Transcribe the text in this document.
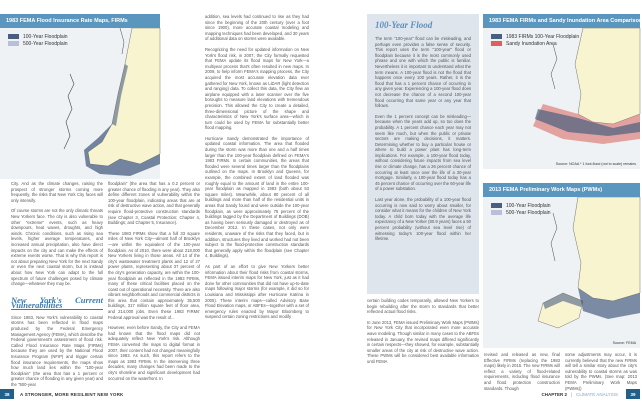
1983 FEMA Flood Insurance Rate Maps, FIRMs
100-Year Floodplain
500-Year Floodplain

City. And as the climate changes, raising the prospect of stronger storms coming more frequently, the risks that New York City faces will only intensify.

Of course storms are not the only climatic threats New Yorkers face. The city is also vulnerable to other "extreme" events, such as heavy downpours, heat waves, droughts, and high winds. Chronic conditions, such as rising sea levels, higher average temperatures, and increased annual precipitation, also have direct impacts on the city and can make the effects of extreme events worse. That is why this report is not about preparing New York for the next Sandy or even the next coastal storm, but is instead about how New York can adapt to the full spectrum of future challenges posed by climate change—whatever they may be.

New York's Current Vulnerabilities

Since 1983, New York's vulnerability to coastal storms has been reflected in flood maps produced by the Federal Emergency Management Agency (FEMA), which describe the Federal government's assessment of flood risk. Called Flood Insurance Rate Maps (FIRMs) because they are used by the National Flood Insurance Program (NFIP) and trigger certain flood insurance requirements, the maps show how much land lies within the "100-year floodplain" (the area that has a 1 percent or greater chance of flooding in any given year) and the "500-year

floodplain" (the area that has a 0.2 percent or greater chance of flooding in any year). They also define different zones of vulnerability within the 100-year floodplain, indicating areas that are at risk of destructive wave action, and that generally require flood-protective construction standards (see Chapter 3, Coastal Protection; Chapter 4, Buildings; and Chapter 5, Insurance).

These 1983 FIRMs show that a full 33 square miles of New York City—almost half of Brooklyn—are within the equivalent of the 100-year floodplain. As of 2010, there were about 218,000 New Yorkers living in those areas. All 14 of the city's wastewater treatment plants and 12 of 27 power plants, representing about 37 percent of the city's generation capacity, are within the 100-year floodplain as reflected in the 1983 FIRMs, many of these critical facilities placed on the coast out of operational necessity. There are also vibrant neighborhoods and commercial districts in this area that contain approximately 35,500 buildings, 317 million square feet of floor area, and 214,000 jobs. Even these 1983 FIRMs' Federal approval was the result of...

However, even before Sandy, the City and FEMA had known that the flood maps did not adequately reflect New York's risk. Although FEMA converted the maps to digital format in 2007, their content had not changed meaningfully since 1983. As such, this report refers to the maps as 1983 FIRMs. In the intervening three decades, many changes had been made to the city's shoreline and significant development had occurred on the waterfront. In

addition, sea levels had continued to rise as they had since the beginning of the 20th century (over a foot since 1900), more accurate coastal modeling and mapping techniques had been developed, and 30 years of additional data on storms were available.

Recognizing the need for updated information on New York's flood risk, in 2007, the City formally requested that FEMA update its flood maps for New York—a multiyear process that's often resulted in new maps. In 2009, to help inform FEMA's mapping process, the City acquired the most accurate elevation data ever gathered for New York, known as LiDAR (light detection and ranging) data. To collect this data, the City flew an airplane equipped with a laser scanner over the five boroughs to measure land elevations with tremendous precision. This allowed the City to create a detailed, three-dimensional picture of the shape and characteristics of New York's surface area—which in turn could be used by FEMA for substantially better flood mapping.

Hurricane Sandy demonstrated the importance of updated coastal information. The area that flooded during the storm was more than one and a half times larger than the 100-year floodplain defined on FEMA's 1983 FIRMs. In certain communities, the areas that flooded were several times larger than the floodplains outlined on the maps. In Brooklyn and Queens, for example, the combined extent of land flooded was roughly equal to the amount of land in the entire 100-year floodplain as mapped in 1983 (both about 53 square miles). Meanwhile, about 80 percent of all buildings and more than half of the residential units in areas that Sandy found and were outside the 100-year floodplain, as were approximately 75 percent of the buildings tagged by the Department of Buildings (DOB) as having been seriously damaged or destroyed as of December 2012. In these cases, not only were residents, unaware of the risks that they faced, but in addition, structures they lived and worked had not been subject to the flood-protective construction standards that generally apply within the floodplain (see Chapter 4, Buildings).

As part of an effort to give New Yorkers better information about their flood risks from coastal storms, FEMA issued interim maps for New York, just as it had done for other communities that did not have up-to-date maps following major storms (for example, it did so for Louisiana and Mississippi after Hurricane Katrina in 2005). These interim maps—called Advisory Base Flood Elevation maps, or ABFEs—together with a set of emergency rules enacted by Mayor Bloomberg to suspend certain zoning restrictions and modify

38	A STRONGER, MORE RESILIENT NEW YORK
100-Year Flood

The term "100-year" flood can be misleading, and perhaps even provides a false sense of security. This report uses the term "100-year" flood or floodplain because it is the most commonly used phrase and one with which the public is familiar. Nevertheless it is important to understand what the term means. A 100-year flood is not the flood that happens once every 100 years. Rather, it is the flood that has a 1 percent chance of occurring in any given year. Experiencing a 100-year flood does not decrease the chance of a second 100-year flood occurring that same year or any year that follows.

Even the 1 percent concept can be misleading—because when the years add up, so too does the probability. A 1 percent chance each year may not seem like much, but when the public or private sectors are making decisions, it matters. Determining whether to buy a particular house or where to build a power plant has long-term implications. For example, a 100-year flood today, without considering future impacts from sea level rise or climate change, has a 26 percent chance of occurring at least once over the life of a 30-year mortgage. Similarly, a 100-year flood today has a 45 percent chance of occurring over the 60-year life of a power substation.

Last year alone, the probability of a 100-year flood occurring is now said to worry about smaller, for consider what it means for the children of New York today. A child born today with the average life expectancy of a New Yorker (80.9 years) faces a 50 percent probability (without sea level rise) of witnessing today's 100-year flood within her lifetime.

certain building codes temporarily, allowed New Yorkers to begin rebuilding after the storm to standards that better reflected actual flood risks.

In June 2013, FEMA issued Preliminary Work Maps (PWMs) for New York City that incorporated even more accurate wave modeling. Though similar in many cases to the ABFEs released in January, the revised maps differed significantly in certain respects—they showed, for example, substantially smaller areas of the city at risk of destructive wave action. These PWMs will be considered best available information until FEMA

revised and released as new, final Effective FIRMs (replacing the 1983 maps) likely in 2015. The new FIRMs will reflect a variety of flood-related requirements, including flood insurance and flood protection construction standards. Though

some adjustments may occur, it is currently believed that the new FIRMs will tell a similar story about the city's vulnerability to coastal storms as was told by the PWMs. (See map: 2013 FEMA Preliminary Work Maps (PWMs))

1983 FEMA FIRMs and Sandy Inundation Area Comparison
1983 FIRMs 100-Year Floodplain
Sandy Inundation Area
Source: NOAA * 1 foot-flood (not to scale) remains
2013 FEMA Preliminary Work Maps (PWMs)
100-Year Floodplain
500-Year Floodplain
Source: FEMA
CHAPTER 2 | CLIMATE ANALYSIS	39
